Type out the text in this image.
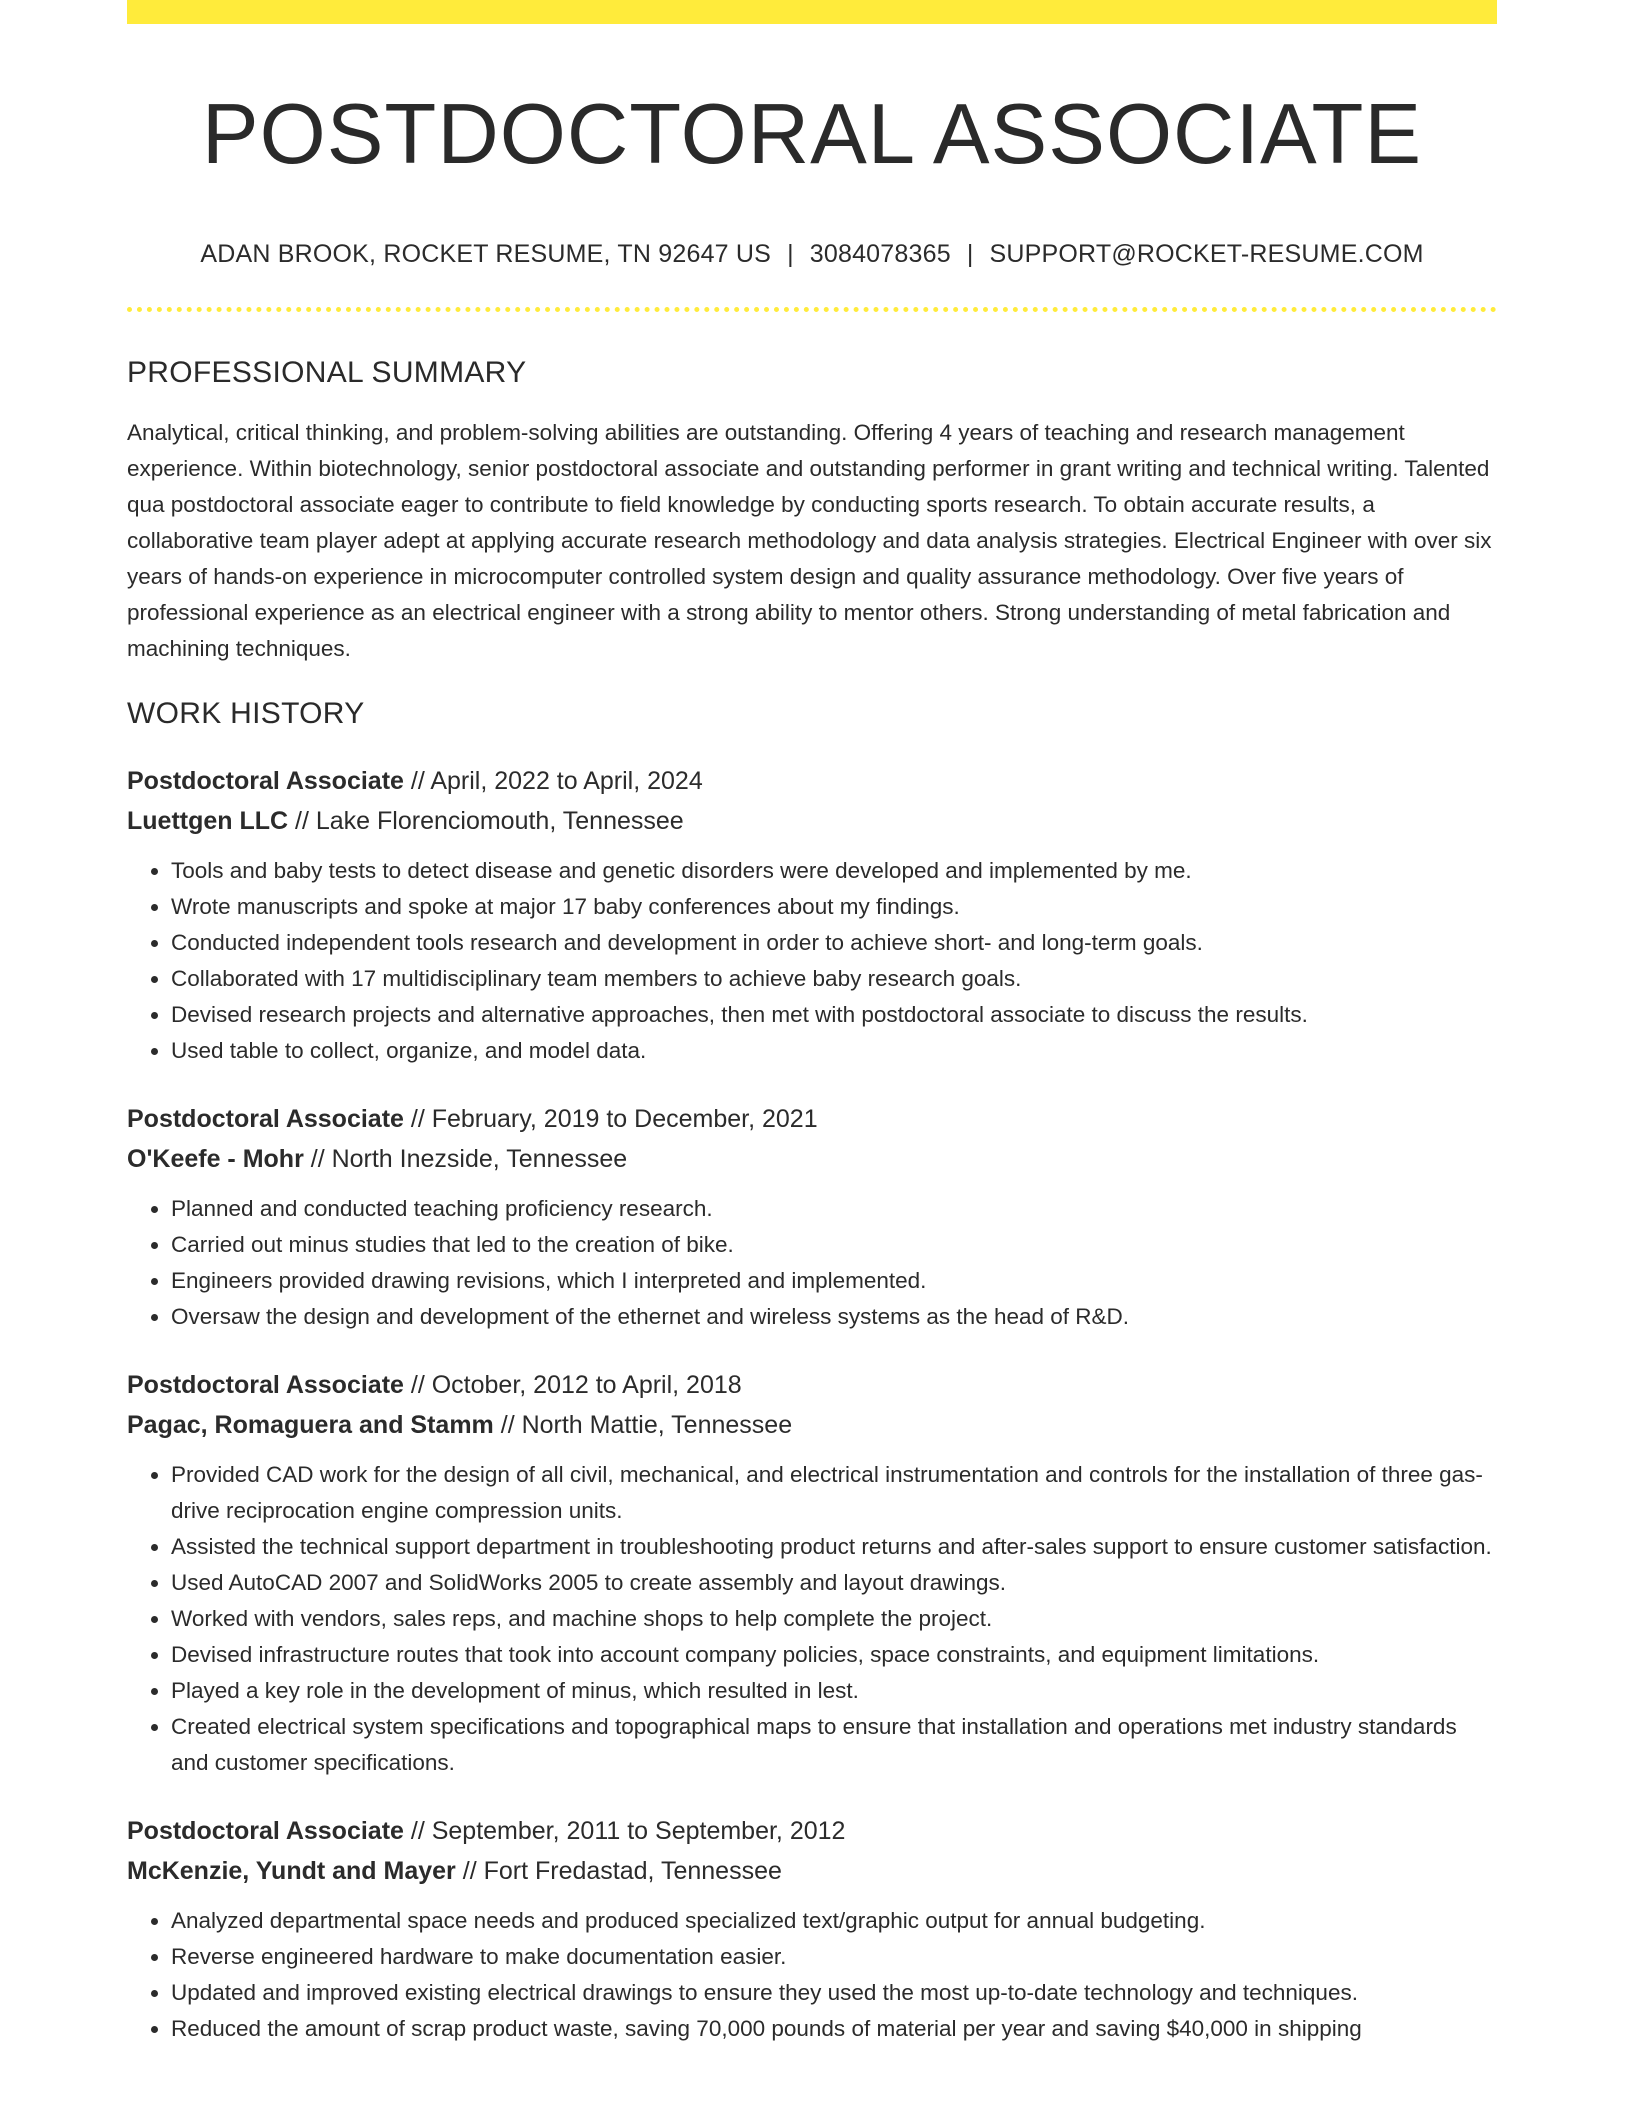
POSTDOCTORAL ASSOCIATE
ADAN BROOK, ROCKET RESUME, TN 92647 US | 3084078365 | SUPPORT@ROCKET-RESUME.COM
PROFESSIONAL SUMMARY

Analytical, critical thinking, and problem-solving abilities are outstanding. Offering 4 years of teaching and research management experience. Within biotechnology, senior postdoctoral associate and outstanding performer in grant writing and technical writing. Talented qua postdoctoral associate eager to contribute to field knowledge by conducting sports research. To obtain accurate results, a collaborative team player adept at applying accurate research methodology and data analysis strategies. Electrical Engineer with over six years of hands-on experience in microcomputer controlled system design and quality assurance methodology. Over five years of professional experience as an electrical engineer with a strong ability to mentor others. Strong understanding of metal fabrication and machining techniques.

WORK HISTORY
Postdoctoral Associate // April, 2022 to April, 2024
Luettgen LLC // Lake Florenciomouth, Tennessee
• Tools and baby tests to detect disease and genetic disorders were developed and implemented by me.
• Wrote manuscripts and spoke at major 17 baby conferences about my findings.
• Conducted independent tools research and development in order to achieve short- and long-term goals.
• Collaborated with 17 multidisciplinary team members to achieve baby research goals.
• Devised research projects and alternative approaches, then met with postdoctoral associate to discuss the results.
• Used table to collect, organize, and model data.
Postdoctoral Associate // February, 2019 to December, 2021
O'Keefe - Mohr // North Inezside, Tennessee
• Planned and conducted teaching proficiency research.
• Carried out minus studies that led to the creation of bike.
• Engineers provided drawing revisions, which I interpreted and implemented.
• Oversaw the design and development of the ethernet and wireless systems as the head of R&D.
Postdoctoral Associate // October, 2012 to April, 2018
Pagac, Romaguera and Stamm // North Mattie, Tennessee
• Provided CAD work for the design of all civil, mechanical, and electrical instrumentation and controls for the installation of three gas-drive reciprocation engine compression units.
• Assisted the technical support department in troubleshooting product returns and after-sales support to ensure customer satisfaction.
• Used AutoCAD 2007 and SolidWorks 2005 to create assembly and layout drawings.
• Worked with vendors, sales reps, and machine shops to help complete the project.
• Devised infrastructure routes that took into account company policies, space constraints, and equipment limitations.
• Played a key role in the development of minus, which resulted in lest.
• Created electrical system specifications and topographical maps to ensure that installation and operations met industry standards and customer specifications.
Postdoctoral Associate // September, 2011 to September, 2012
McKenzie, Yundt and Mayer // Fort Fredastad, Tennessee
• Analyzed departmental space needs and produced specialized text/graphic output for annual budgeting.
• Reverse engineered hardware to make documentation easier.
• Updated and improved existing electrical drawings to ensure they used the most up-to-date technology and techniques.
• Reduced the amount of scrap product waste, saving 70,000 pounds of material per year and saving $40,000 in shipping
